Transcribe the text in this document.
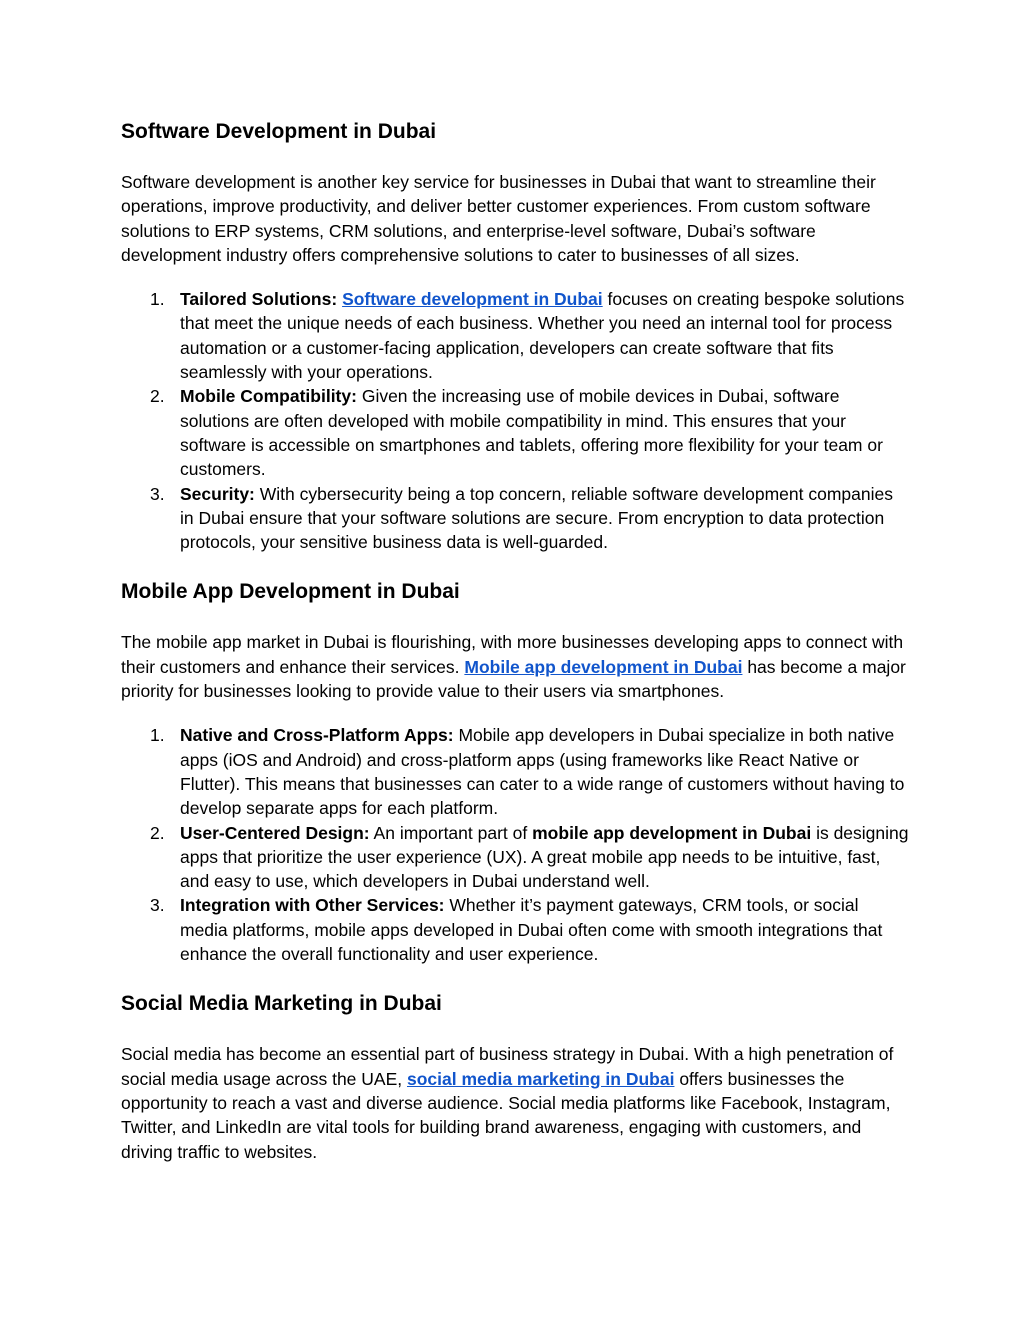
Software Development in Dubai

Software development is another key service for businesses in Dubai that want to streamline their operations, improve productivity, and deliver better customer experiences. From custom software solutions to ERP systems, CRM solutions, and enterprise-level software, Dubai’s software development industry offers comprehensive solutions to cater to businesses of all sizes.

1. Tailored Solutions: Software development in Dubai focuses on creating bespoke solutions that meet the unique needs of each business. Whether you need an internal tool for process automation or a customer-facing application, developers can create software that fits seamlessly with your operations.
2. Mobile Compatibility: Given the increasing use of mobile devices in Dubai, software solutions are often developed with mobile compatibility in mind. This ensures that your software is accessible on smartphones and tablets, offering more flexibility for your team or customers.
3. Security: With cybersecurity being a top concern, reliable software development companies in Dubai ensure that your software solutions are secure. From encryption to data protection protocols, your sensitive business data is well-guarded.
Mobile App Development in Dubai

The mobile app market in Dubai is flourishing, with more businesses developing apps to connect with their customers and enhance their services. Mobile app development in Dubai has become a major priority for businesses looking to provide value to their users via smartphones.

1. Native and Cross-Platform Apps: Mobile app developers in Dubai specialize in both native apps (iOS and Android) and cross-platform apps (using frameworks like React Native or Flutter). This means that businesses can cater to a wide range of customers without having to develop separate apps for each platform.
2. User-Centered Design: An important part of mobile app development in Dubai is designing apps that prioritize the user experience (UX). A great mobile app needs to be intuitive, fast, and easy to use, which developers in Dubai understand well.
3. Integration with Other Services: Whether it’s payment gateways, CRM tools, or social media platforms, mobile apps developed in Dubai often come with smooth integrations that enhance the overall functionality and user experience.
Social Media Marketing in Dubai

Social media has become an essential part of business strategy in Dubai. With a high penetration of social media usage across the UAE, social media marketing in Dubai offers businesses the opportunity to reach a vast and diverse audience. Social media platforms like Facebook, Instagram, Twitter, and LinkedIn are vital tools for building brand awareness, engaging with customers, and driving traffic to websites.
